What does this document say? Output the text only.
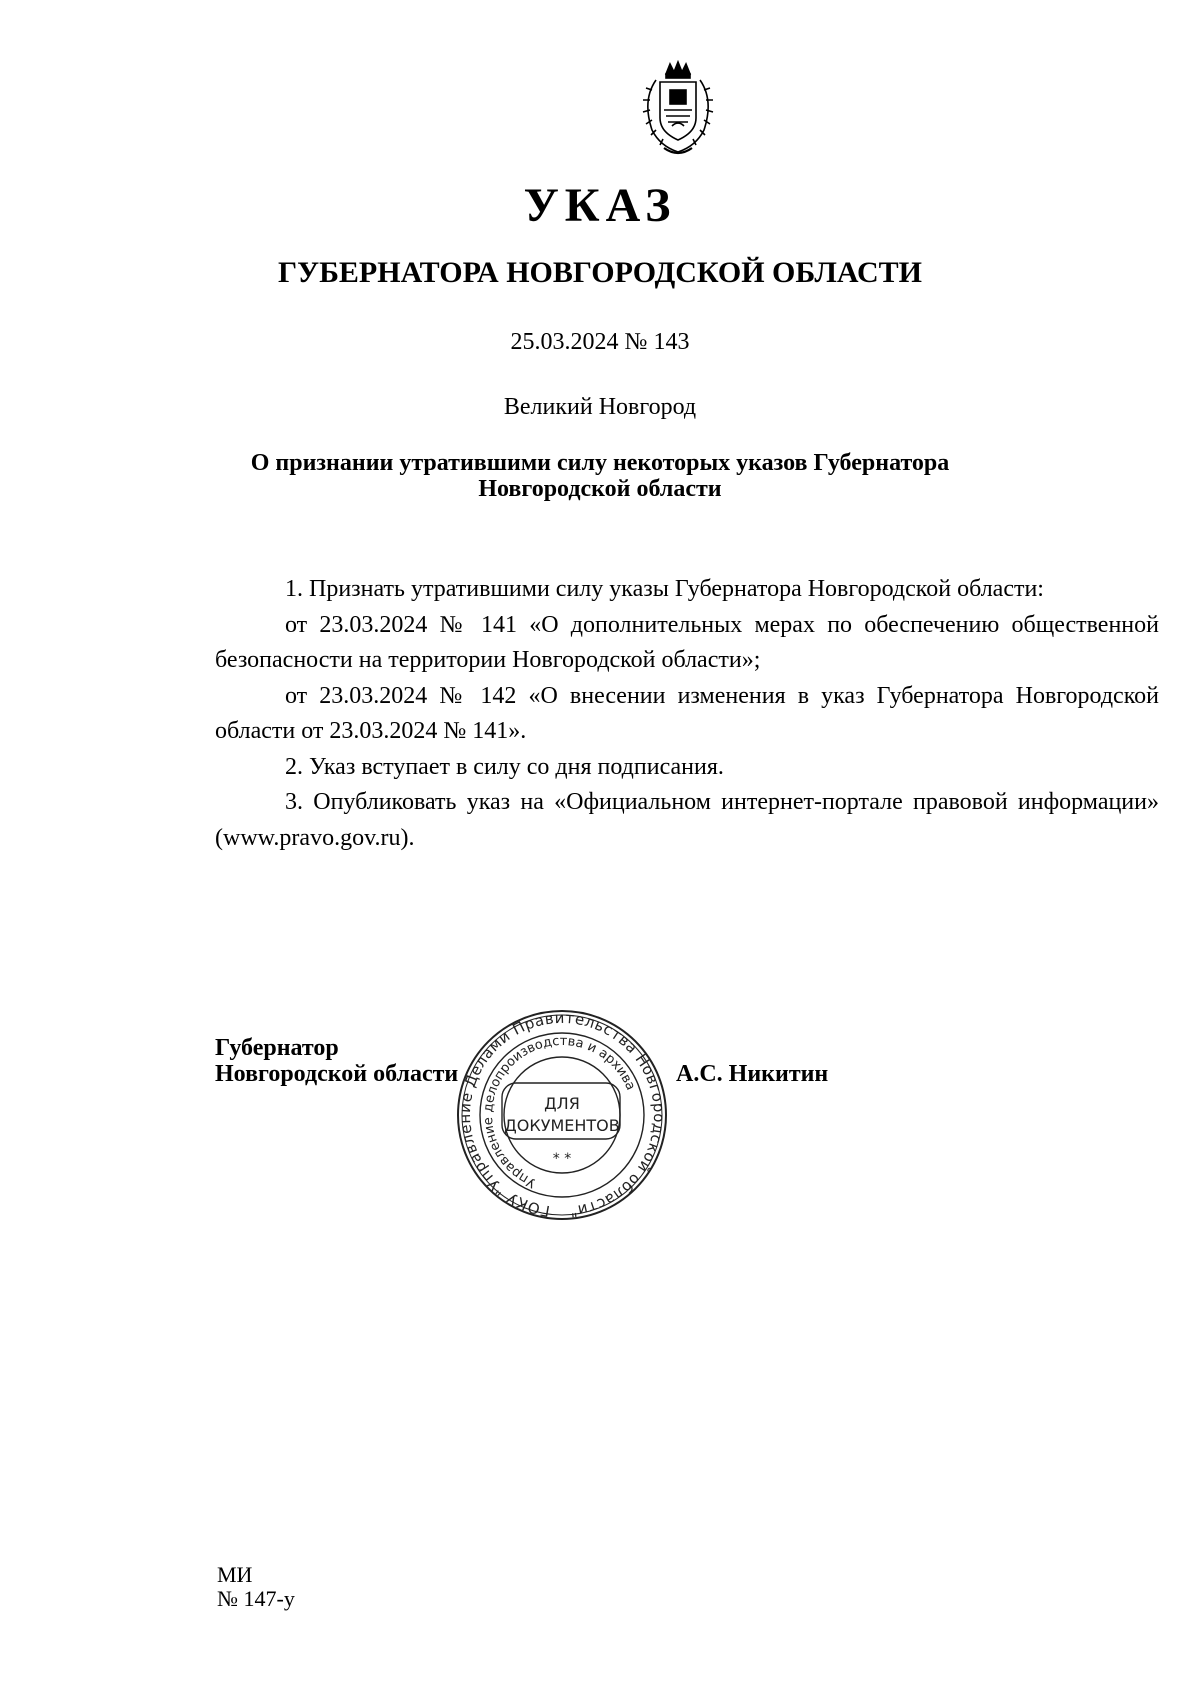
УКАЗ
ГУБЕРНАТОРА НОВГОРОДСКОЙ ОБЛАСТИ
25.03.2024 № 143
Великий Новгород
О признании утратившими силу некоторых указов Губернатора
Новгородской области

1. Признать утратившими силу указы Губернатора Новгородской области:

от 23.03.2024 № 141 «О дополнительных мерах по обеспечению общественной безопасности на территории Новгородской области»;

от 23.03.2024 № 142 «О внесении изменения в указ Губернатора Новгородской области от 23.03.2024 № 141».

2. Указ вступает в силу со дня подписания.

3. Опубликовать указ на «Официальном интернет-портале правовой информации» (www.pravo.gov.ru).

Губернатор
Новгородской области	А.С. Никитин
ГОКУ "Управление Делами Правительства Новгородской области"
Управление делопроизводства и архива
ДЛЯ
ДОКУМЕНТОВ
* *
МИ
№ 147-у
